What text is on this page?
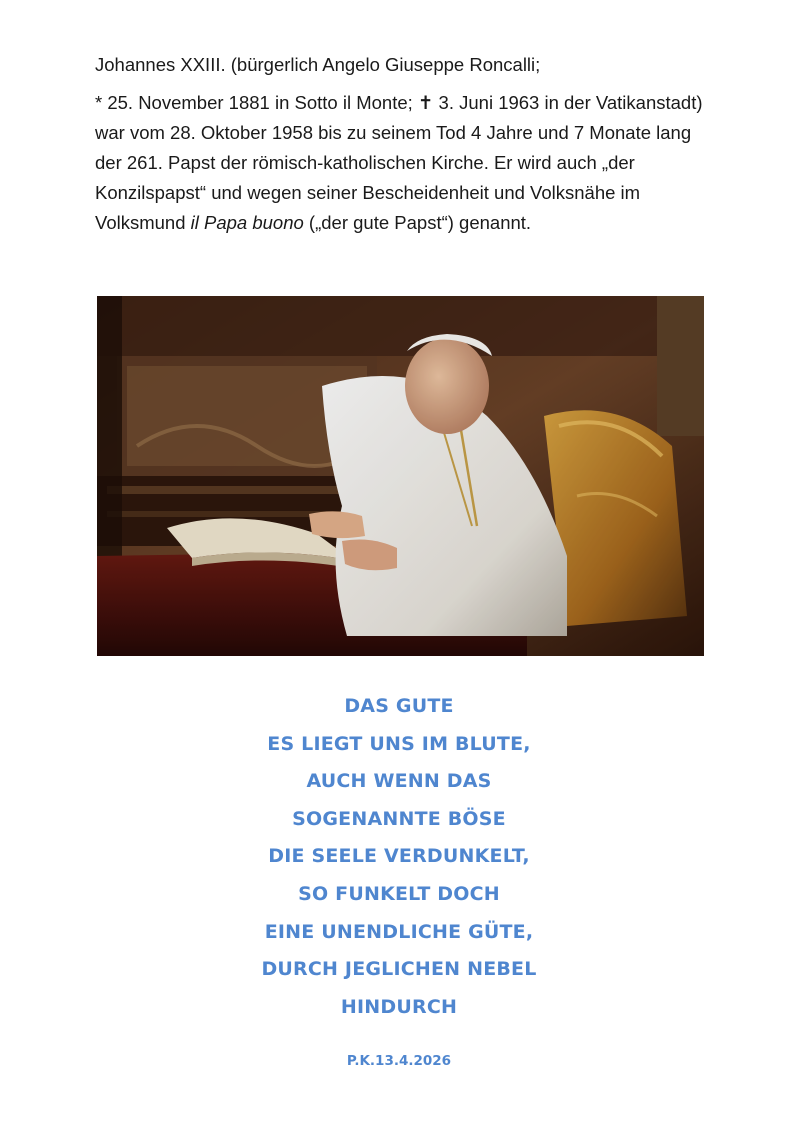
Johannes XXIII. (bürgerlich Angelo Giuseppe Roncalli;

* 25. November 1881 in Sotto il Monte; ✝ 3. Juni 1963 in der Vatikanstadt) war vom 28. Oktober 1958 bis zu seinem Tod 4 Jahre und 7 Monate lang der 261. Papst der römisch-katholischen Kirche. Er wird auch „der Konzilspapst“ und wegen seiner Bescheidenheit und Volksnähe im Volksmund il Papa buono („der gute Papst“) genannt.

DAS GUTE
ES LIEGT UNS IM BLUTE,
AUCH WENN DAS
SOGENANNTE BÖSE
DIE SEELE VERDUNKELT,
SO FUNKELT DOCH
EINE UNENDLICHE GÜTE,
DURCH JEGLICHEN NEBEL
HINDURCH
P.K.13.4.2026
